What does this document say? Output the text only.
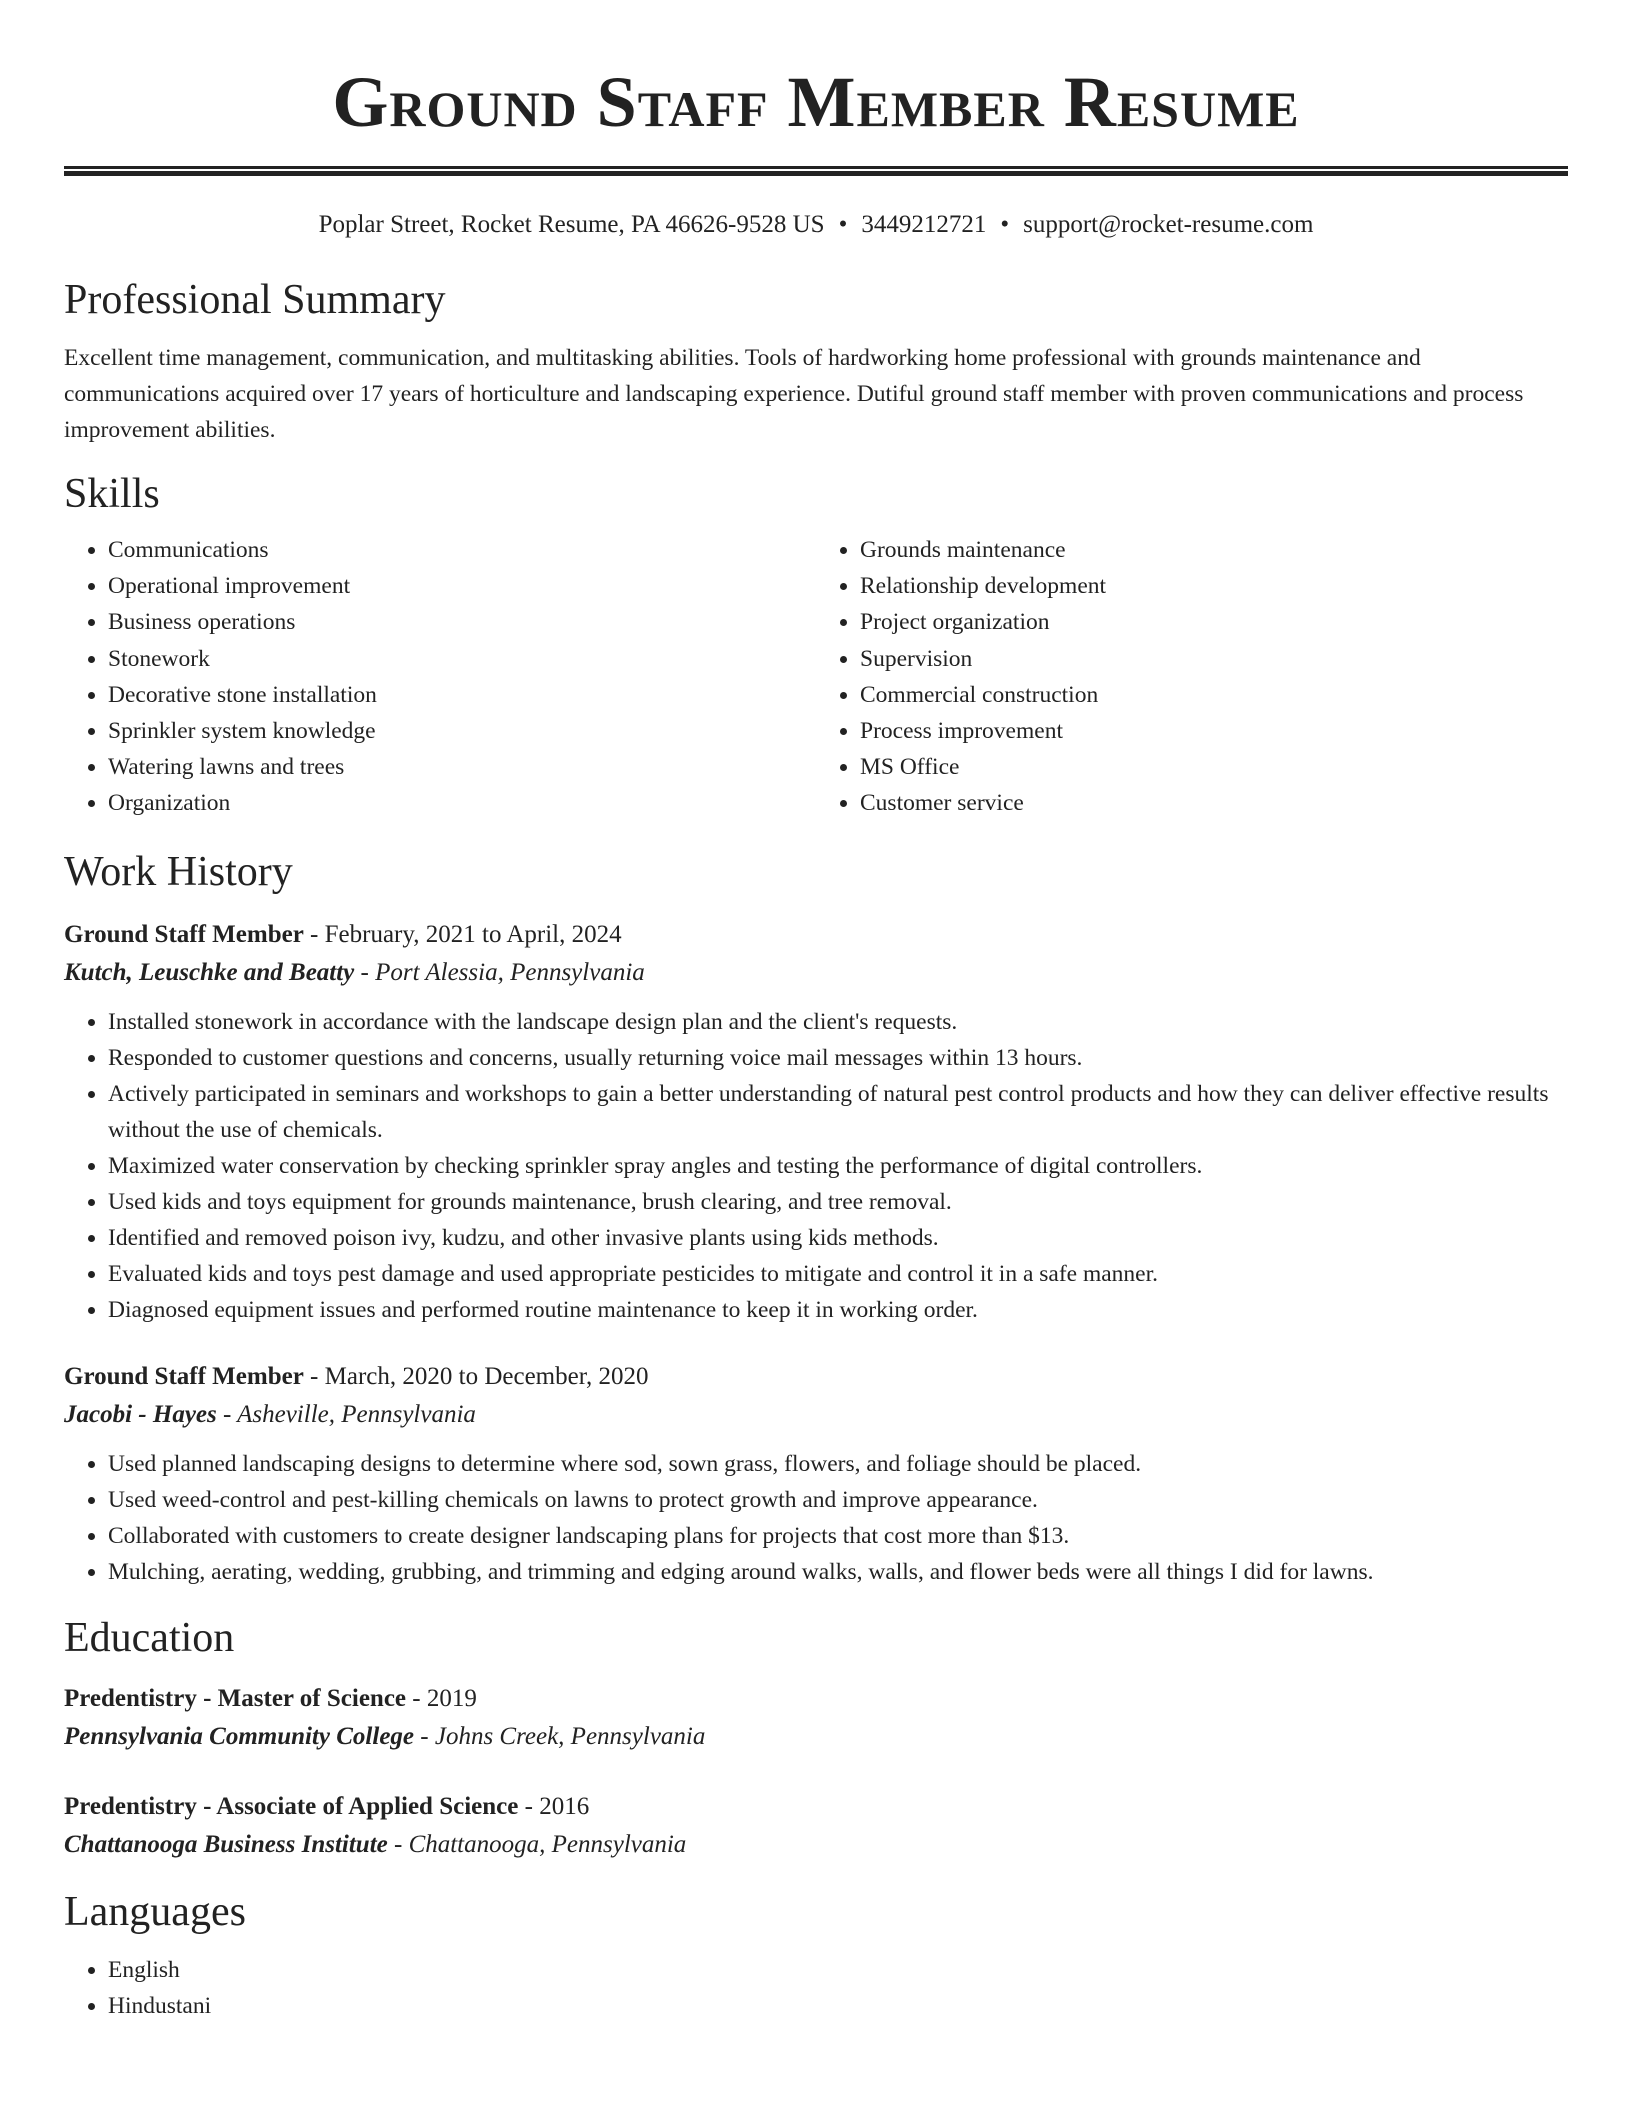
Ground Staff Member Resume
Poplar Street, Rocket Resume, PA 46626-9528 US • 3449212721 • support@rocket-resume.com
Professional Summary

Excellent time management, communication, and multitasking abilities. Tools of hardworking home professional with grounds maintenance and communications acquired over 17 years of horticulture and landscaping experience. Dutiful ground staff member with proven communications and process improvement abilities.

Skills
• Communications
• Operational improvement
• Business operations
• Stonework
• Decorative stone installation
• Sprinkler system knowledge
• Watering lawns and trees
• Organization
• Grounds maintenance
• Relationship development
• Project organization
• Supervision
• Commercial construction
• Process improvement
• MS Office
• Customer service
Work History
Ground Staff Member - February, 2021 to April, 2024
Kutch, Leuschke and Beatty - Port Alessia, Pennsylvania
• Installed stonework in accordance with the landscape design plan and the client's requests.
• Responded to customer questions and concerns, usually returning voice mail messages within 13 hours.
• Actively participated in seminars and workshops to gain a better understanding of natural pest control products and how they can deliver effective results without the use of chemicals.
• Maximized water conservation by checking sprinkler spray angles and testing the performance of digital controllers.
• Used kids and toys equipment for grounds maintenance, brush clearing, and tree removal.
• Identified and removed poison ivy, kudzu, and other invasive plants using kids methods.
• Evaluated kids and toys pest damage and used appropriate pesticides to mitigate and control it in a safe manner.
• Diagnosed equipment issues and performed routine maintenance to keep it in working order.
Ground Staff Member - March, 2020 to December, 2020
Jacobi - Hayes - Asheville, Pennsylvania
• Used planned landscaping designs to determine where sod, sown grass, flowers, and foliage should be placed.
• Used weed-control and pest-killing chemicals on lawns to protect growth and improve appearance.
• Collaborated with customers to create designer landscaping plans for projects that cost more than $13.
• Mulching, aerating, wedding, grubbing, and trimming and edging around walks, walls, and flower beds were all things I did for lawns.
Education
Predentistry - Master of Science - 2019
Pennsylvania Community College - Johns Creek, Pennsylvania
Predentistry - Associate of Applied Science - 2016
Chattanooga Business Institute - Chattanooga, Pennsylvania
Languages
• English
• Hindustani
